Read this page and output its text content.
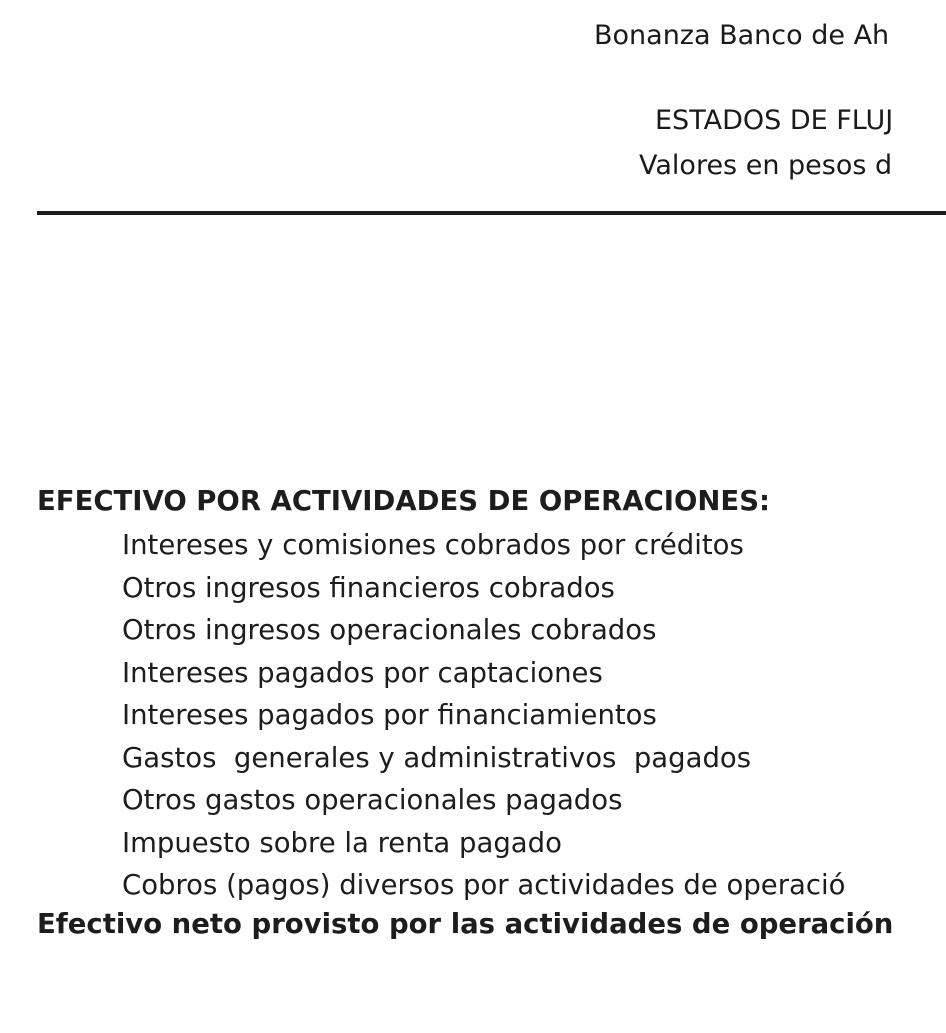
Bonanza Banco de Ah
ESTADOS DE FLUJ
Valores en pesos d
EFECTIVO POR ACTIVIDADES DE OPERACIONES:
Intereses y comisiones cobrados por créditos
Otros ingresos financieros cobrados
Otros ingresos operacionales cobrados
Intereses pagados por captaciones
Intereses pagados por financiamientos
Gastos  generales y administrativos  pagados
Otros gastos operacionales pagados
Impuesto sobre la renta pagado
Cobros (pagos) diversos por actividades de operació
Efectivo neto provisto por las actividades de operación
